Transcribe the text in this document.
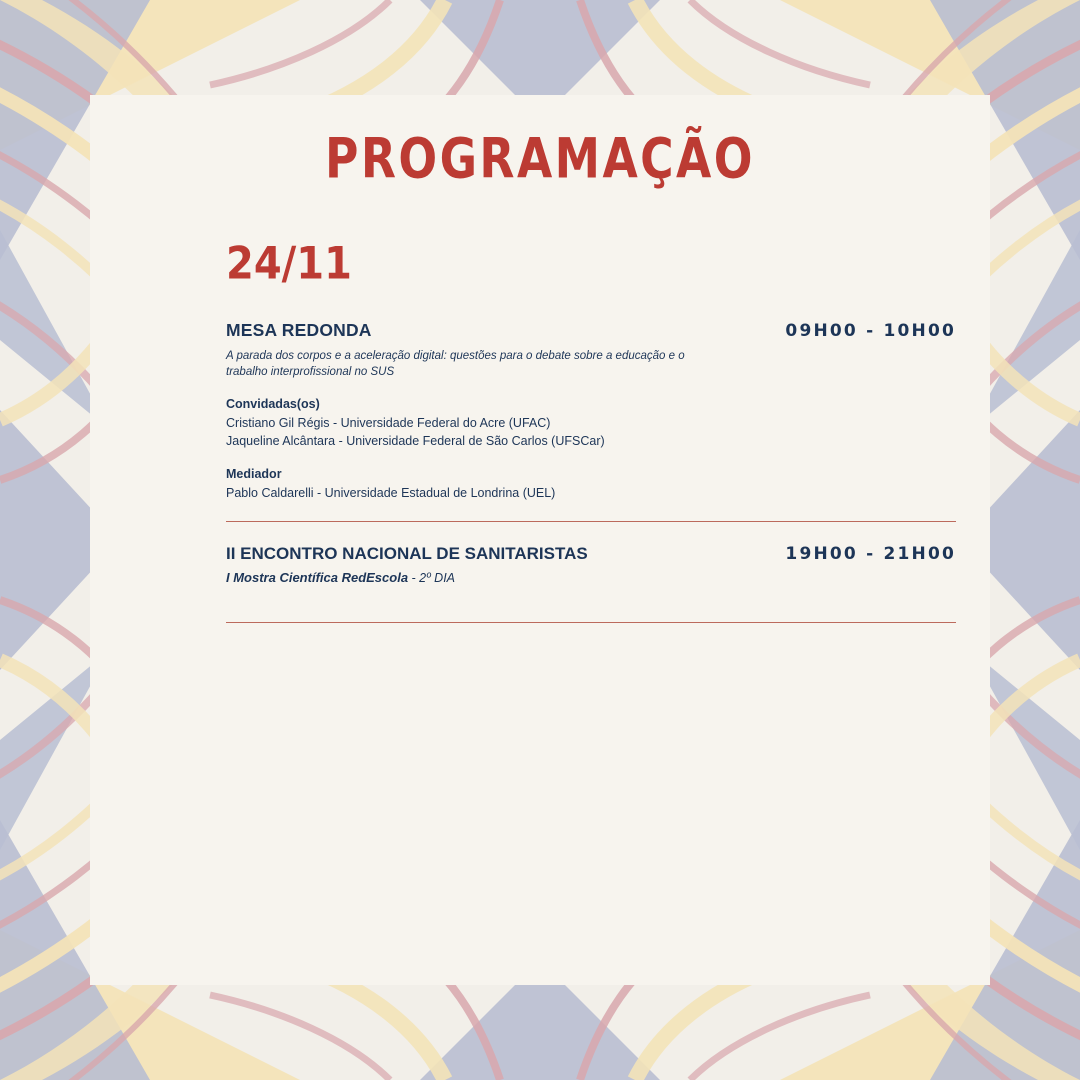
PROGRAMAÇÃO
24/11
MESA REDONDA	09H00 - 10H00
A parada dos corpos e a aceleração digital: questões para o debate sobre a educação e o trabalho interprofissional no SUS
Convidadas(os)
Cristiano Gil Régis - Universidade Federal do Acre (UFAC)
Jaqueline Alcântara - Universidade Federal de São Carlos (UFSCar)
Mediador
Pablo Caldarelli - Universidade Estadual de Londrina (UEL)
II ENCONTRO NACIONAL DE SANITARISTAS	19H00 - 21H00
I Mostra Científica RedEscola - 2º DIA
